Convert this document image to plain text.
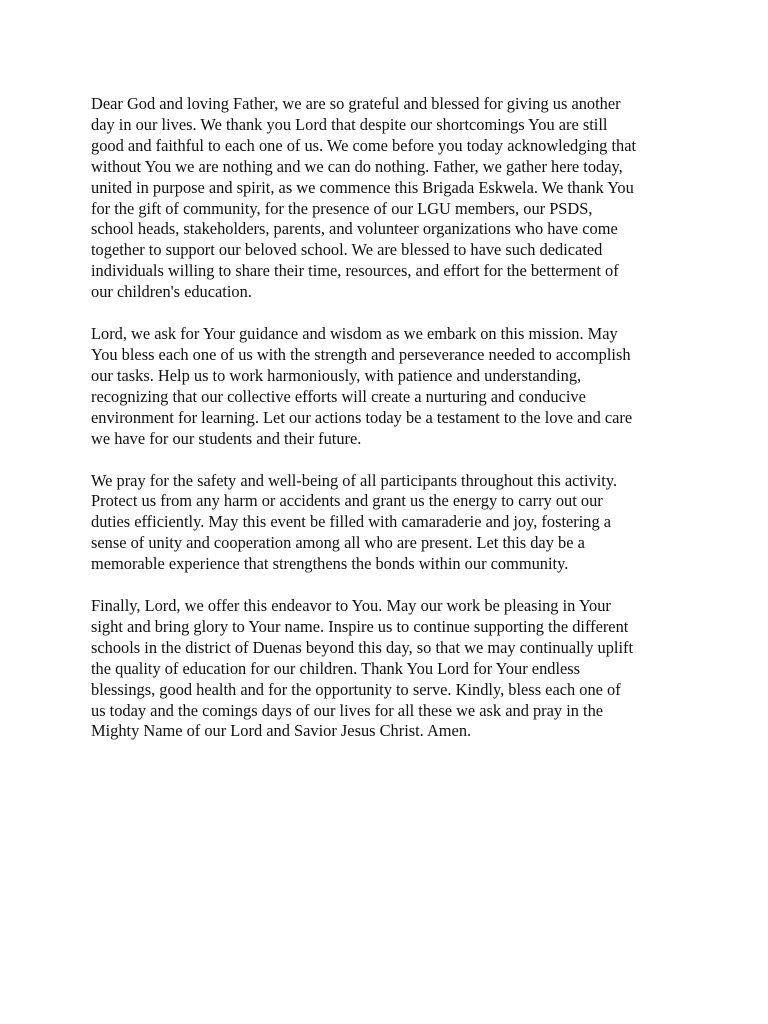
Dear God and loving Father, we are so grateful and blessed for giving us another
day in our lives. We thank you Lord that despite our shortcomings You are still
good and faithful to each one of us. We come before you today acknowledging that
without You we are nothing and we can do nothing. Father, we gather here today,
united in purpose and spirit, as we commence this Brigada Eskwela. We thank You
for the gift of community, for the presence of our LGU members, our PSDS,
school heads, stakeholders, parents, and volunteer organizations who have come
together to support our beloved school. We are blessed to have such dedicated
individuals willing to share their time, resources, and effort for the betterment of
our children's education.

Lord, we ask for Your guidance and wisdom as we embark on this mission. May
You bless each one of us with the strength and perseverance needed to accomplish
our tasks. Help us to work harmoniously, with patience and understanding,
recognizing that our collective efforts will create a nurturing and conducive
environment for learning. Let our actions today be a testament to the love and care
we have for our students and their future.

We pray for the safety and well-being of all participants throughout this activity.
Protect us from any harm or accidents and grant us the energy to carry out our
duties efficiently. May this event be filled with camaraderie and joy, fostering a
sense of unity and cooperation among all who are present. Let this day be a
memorable experience that strengthens the bonds within our community.

Finally, Lord, we offer this endeavor to You. May our work be pleasing in Your
sight and bring glory to Your name. Inspire us to continue supporting the different
schools in the district of Duenas beyond this day, so that we may continually uplift
the quality of education for our children. Thank You Lord for Your endless
blessings, good health and for the opportunity to serve. Kindly, bless each one of
us today and the comings days of our lives for all these we ask and pray in the
Mighty Name of our Lord and Savior Jesus Christ. Amen.
